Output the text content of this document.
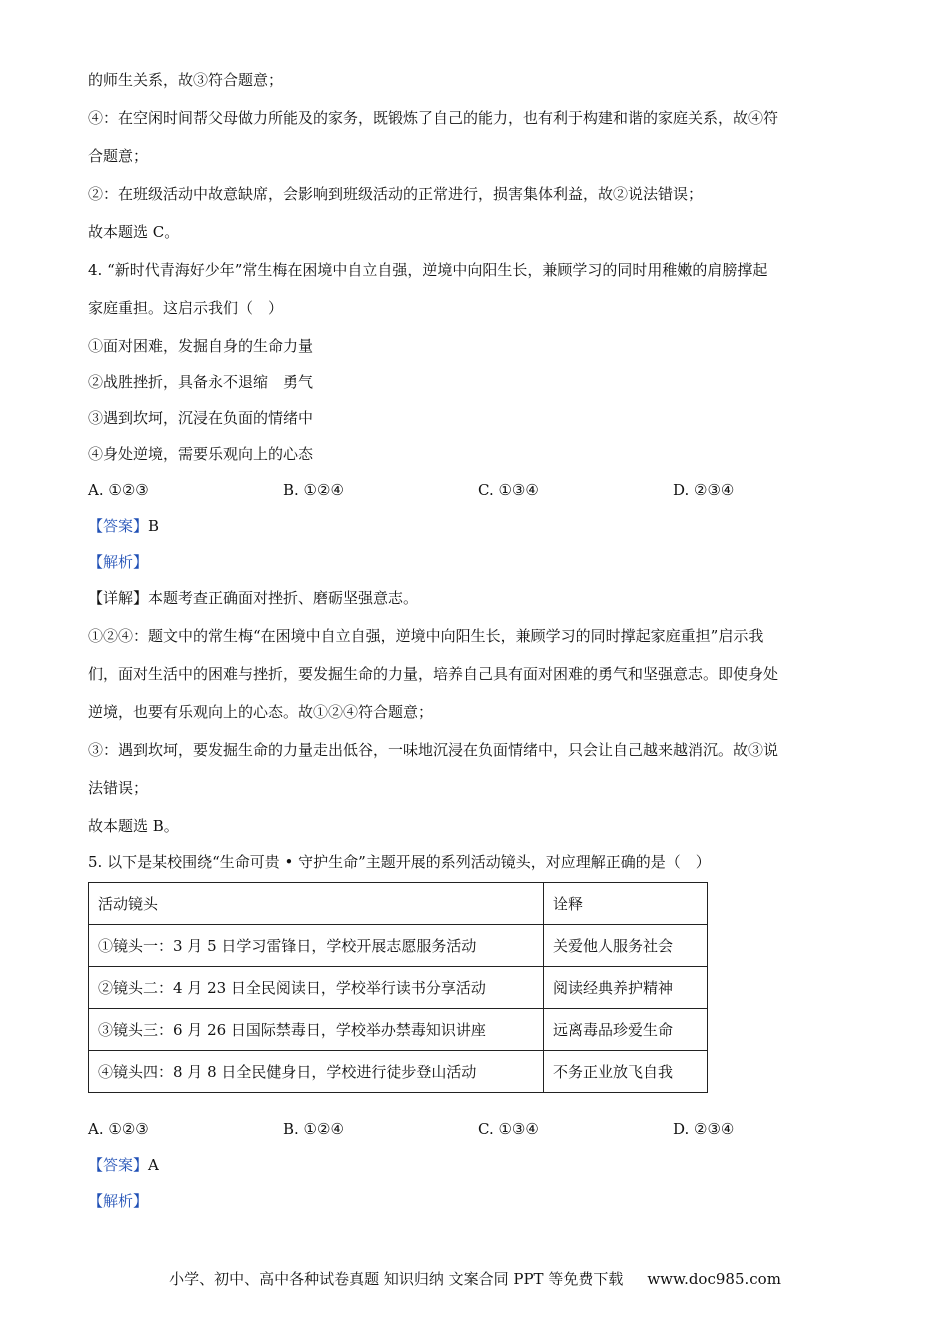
的师生关系，故③符合题意；
④：在空闲时间帮父母做力所能及的家务，既锻炼了自己的能力，也有利于构建和谐的家庭关系，故④符
合题意；
②：在班级活动中故意缺席，会影响到班级活动的正常进行，损害集体利益，故②说法错误；
故本题选 C。
4. “新时代青海好少年”常生梅在困境中自立自强，逆境中向阳生长，兼顾学习的同时用稚嫩的肩膀撑起
家庭重担。这启示我们（　）
①面对困难，发掘自身的生命力量
②战胜挫折，具备永不退缩　勇气
③遇到坎坷，沉浸在负面的情绪中
④身处逆境，需要乐观向上的心态
A. ①②③	B. ①②④	C. ①③④	D. ②③④
【答案】B
【解析】
【详解】本题考查正确面对挫折、磨砺坚强意志。
①②④：题文中的常生梅“在困境中自立自强，逆境中向阳生长，兼顾学习的同时撑起家庭重担”启示我
们，面对生活中的困难与挫折，要发掘生命的力量，培养自己具有面对困难的勇气和坚强意志。即使身处
逆境，也要有乐观向上的心态。故①②④符合题意；
③：遇到坎坷，要发掘生命的力量走出低谷，一味地沉浸在负面情绪中，只会让自己越来越消沉。故③说
法错误；
故本题选 B。
5. 以下是某校围绕“生命可贵 • 守护生命”主题开展的系列活动镜头，对应理解正确的是（　）
活动镜头	诠释
①镜头一：3 月 5 日学习雷锋日，学校开展志愿服务活动	关爱他人服务社会
②镜头二：4 月 23 日全民阅读日，学校举行读书分享活动	阅读经典养护精神
③镜头三：6 月 26 日国际禁毒日，学校举办禁毒知识讲座	远离毒品珍爱生命
④镜头四：8 月 8 日全民健身日，学校进行徒步登山活动	不务正业放飞自我
A. ①②③	B. ①②④	C. ①③④	D. ②③④
【答案】A
【解析】
小学、初中、高中各种试卷真题 知识归纳 文案合同 PPT 等免费下载 www.doc985.com
